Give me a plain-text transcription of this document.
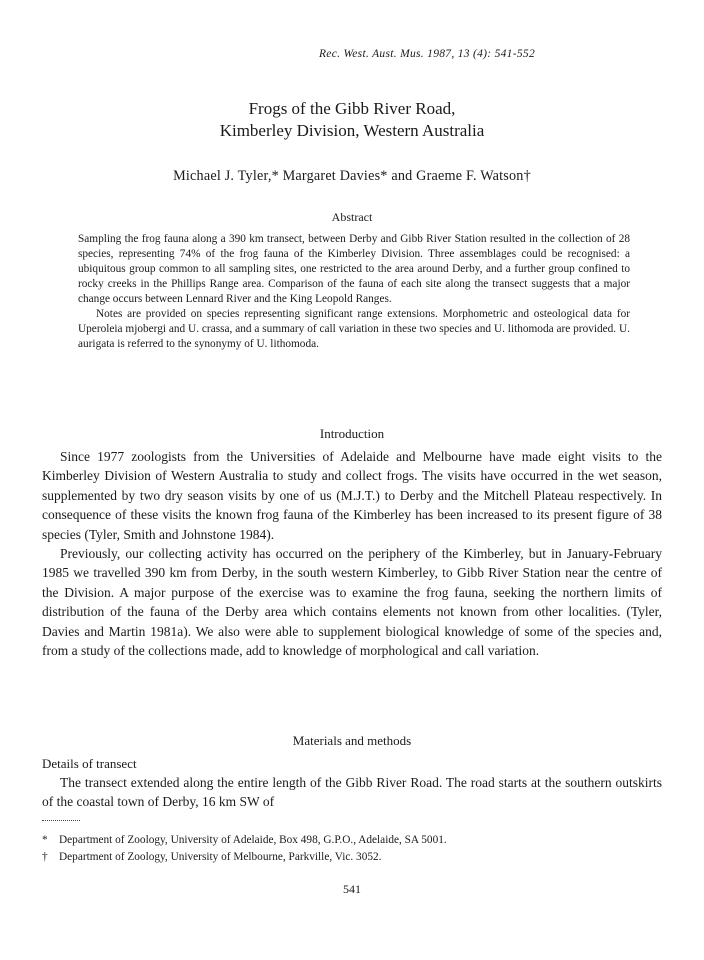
Rec. West. Aust. Mus. 1987, 13 (4): 541-552
Frogs of the Gibb River Road,
Kimberley Division, Western Australia
Michael J. Tyler,* Margaret Davies* and Graeme F. Watson†
Abstract

Sampling the frog fauna along a 390 km transect, between Derby and Gibb River Station resulted in the collection of 28 species, representing 74% of the frog fauna of the Kimberley Division. Three assemblages could be recognised: a ubiquitous group common to all sampling sites, one restricted to the area around Derby, and a further group confined to rocky creeks in the Phillips Range area. Comparison of the fauna of each site along the transect suggests that a major change occurs between Lennard River and the King Leopold Ranges.

Notes are provided on species representing significant range extensions. Morphometric and osteological data for Uperoleia mjobergi and U. crassa, and a summary of call variation in these two species and U. lithomoda are provided. U. aurigata is referred to the synonymy of U. lithomoda.

Introduction

Since 1977 zoologists from the Universities of Adelaide and Melbourne have made eight visits to the Kimberley Division of Western Australia to study and collect frogs. The visits have occurred in the wet season, supplemented by two dry season visits by one of us (M.J.T.) to Derby and the Mitchell Plateau respectively. In consequence of these visits the known frog fauna of the Kimberley has been increased to its present figure of 38 species (Tyler, Smith and Johnstone 1984).

Previously, our collecting activity has occurred on the periphery of the Kimberley, but in January-February 1985 we travelled 390 km from Derby, in the south western Kimberley, to Gibb River Station near the centre of the Division. A major purpose of the exercise was to examine the frog fauna, seeking the northern limits of distribution of the fauna of the Derby area which contains elements not known from other localities. (Tyler, Davies and Martin 1981a). We also were able to supplement biological knowledge of some of the species and, from a study of the collections made, add to knowledge of morphological and call variation.

Materials and methods
Details of transect

The transect extended along the entire length of the Gibb River Road. The road starts at the southern outskirts of the coastal town of Derby, 16 km SW of

*	Department of Zoology, University of Adelaide, Box 498, G.P.O., Adelaide, SA 5001.
†	Department of Zoology, University of Melbourne, Parkville, Vic. 3052.
541
